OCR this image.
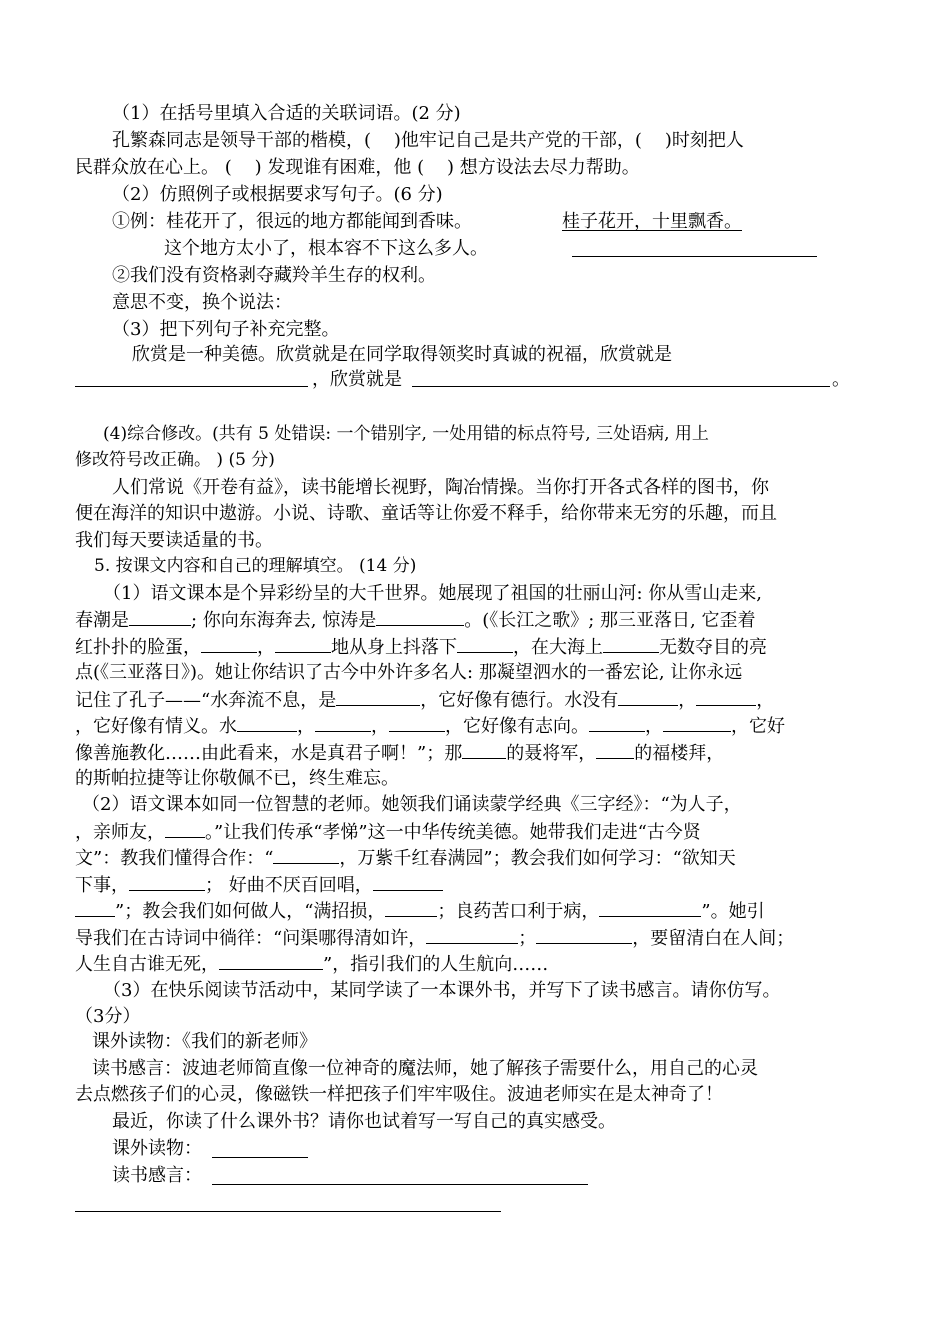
（1）在括号里填入合适的关联词语。(2 分)
孔繁森同志是领导干部的楷模，(    )他牢记自己是共产党的干部，(    )时刻把人
民群众放在心上。 (    ) 发现谁有困难，他 (    ) 想方设法去尽力帮助。
（2）仿照例子或根据要求写句子。(6 分)
①例：桂花开了，很远的地方都能闻到香味。	桂子花开，十里飘香。
这个地方太小了，根本容不下这么多人。
②我们没有资格剥夺藏羚羊生存的权利。
意思不变，换个说法：
（3）把下列句子补充完整。
欣赏是一种美德。欣赏就是在同学取得领奖时真诚的祝福，欣赏就是
，欣赏就是	。
(4)综合修改。(共有 5 处错误: 一个错别字, 一处用错的标点符号, 三处语病, 用上
修改符号改正确。 ) (5 分)
人们常说《开卷有益》，读书能增长视野，陶冶情操。当你打开各式各样的图书，你
便在海洋的知识中遨游。小说、诗歌、童话等让你爱不释手，给你带来无穷的乐趣，而且
我们每天要读适量的书。
5. 按课文内容和自己的理解填空。 (14 分)
（1）语文课本是个异彩纷呈的大千世界。她展现了祖国的壮丽山河: 你从雪山走来,
春潮是	; 你向东海奔去, 惊涛是	。(《长江之歌》; 那三亚落日, 它歪着
红扑扑的脸蛋，	，	地从身上抖落下	，在大海上	无数夺目的亮
点(《三亚落日》)。她让你结识了古今中外许多名人: 那凝望泗水的一番宏论, 让你永远
记住了孔子——“水奔流不息，是	，它好像有德行。水没有	，	，
，它好像有情义。水	，	，	，它好像有志向。	，	，它好
像善施教化……由此看来，水是真君子啊！”；那 的聂将军， 的福楼拜，
的斯帕拉捷等让你敬佩不已，终生难忘。
（2）语文课本如同一位智慧的老师。她领我们诵读蒙学经典《三字经》：“为人子，
，亲师友， 。”让我们传承“孝悌”这一中华传统美德。她带我们走进“古今贤
文”：教我们懂得合作：“	，万紫千红春满园”；教会我们如何学习：“欲知天
下事，	； 好曲不厌百回唱，
”；教会我们如何做人，“满招损，	；良药苦口利于病，	”。她引
导我们在古诗词中徜徉：“问渠哪得清如许，	；	，要留清白在人间；
人生自古谁无死，	”，指引我们的人生航向……
（3）在快乐阅读节活动中，某同学读了一本课外书，并写下了读书感言。请你仿写。
（3分）
课外读物：《我们的新老师》
读书感言：波迪老师简直像一位神奇的魔法师，她了解孩子需要什么，用自己的心灵
去点燃孩子们的心灵，像磁铁一样把孩子们牢牢吸住。波迪老师实在是太神奇了！
最近，你读了什么课外书？请你也试着写一写自己的真实感受。
课外读物：
读书感言：
